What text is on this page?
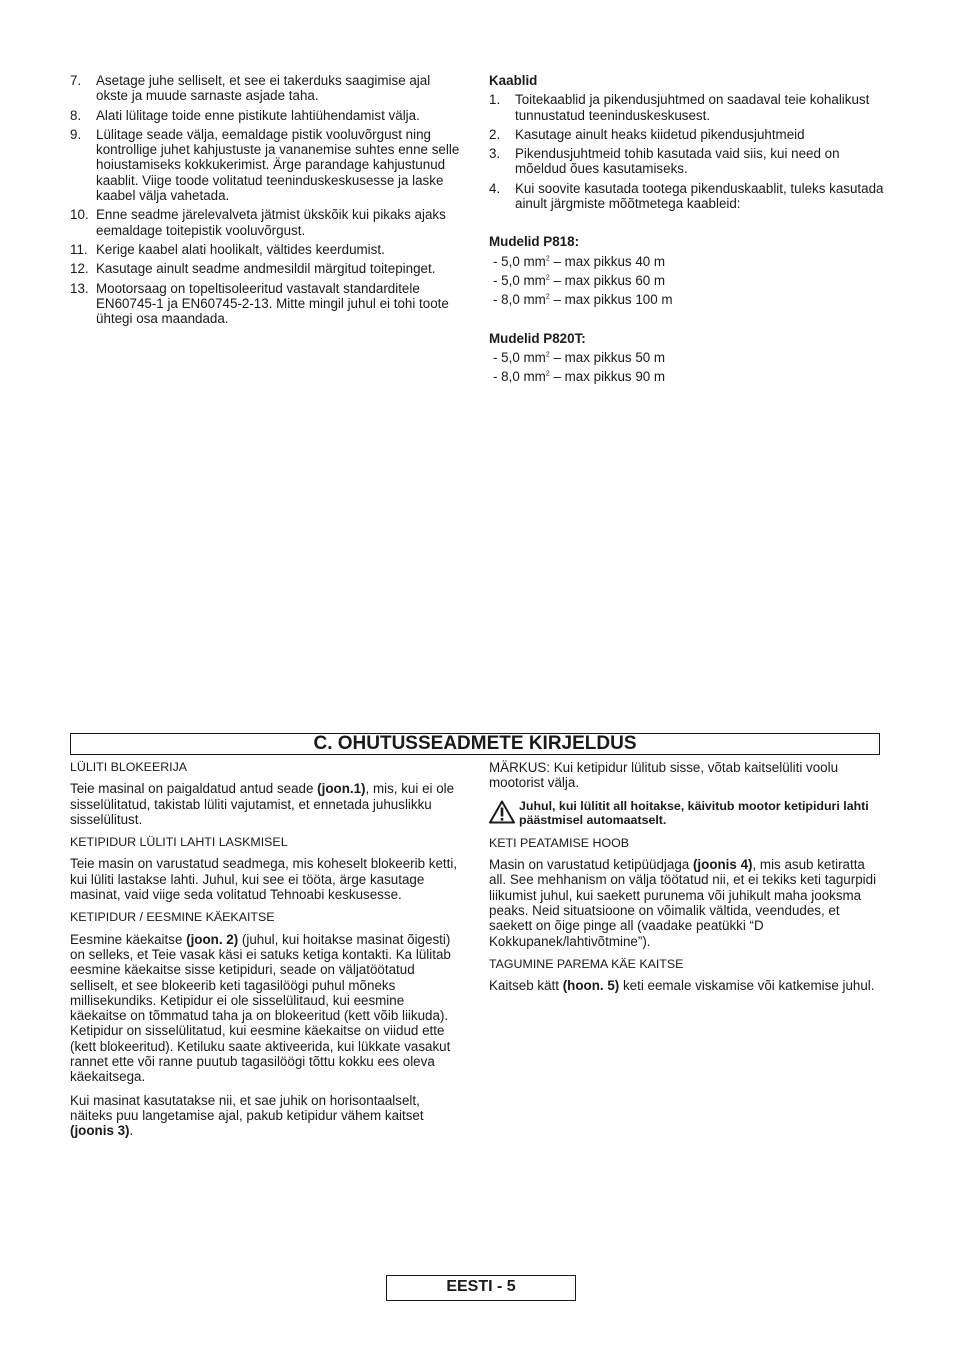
7. Asetage juhe selliselt, et see ei takerduks saagimise ajal okste ja muude sarnaste asjade taha.
8. Alati lülitage toide enne pistikute lahtiühendamist välja.
9. Lülitage seade välja, eemaldage pistik vooluvõrgust ning kontrollige juhet kahjustuste ja vananemise suhtes enne selle hoiustamiseks kokkukerimist. Ärge parandage kahjustunud kaablit. Viige toode volitatud teeninduskeskusesse ja laske kaabel välja vahetada.
10. Enne seadme järelevalveta jätmist ükskõik kui pikaks ajaks eemaldage toitepistik vooluvõrgust.
11. Kerige kaabel alati hoolikalt, vältides keerdumist.
12. Kasutage ainult seadme andmesildil märgitud toitepinget.
13. Mootorsaag on topeltisoleeritud vastavalt standarditele EN60745-1 ja EN60745-2-13. Mitte mingil juhul ei tohi toote ühtegi osa maandada.
Kaablid
1. Toitekaablid ja pikendusjuhtmed on saadaval teie kohalikust tunnustatud teeninduskeskusest.
2. Kasutage ainult heaks kiidetud pikendusjuhtmeid
3. Pikendusjuhtmeid tohib kasutada vaid siis, kui need on mõeldud õues kasutamiseks.
4. Kui soovite kasutada tootega pikenduskaablit, tuleks kasutada ainult järgmiste mõõtmetega kaableid:
Mudelid P818:
- 5,0 $mm^2$ – max pikkus 40 m
- 5,0 $mm^2$ – max pikkus 60 m
- 8,0 $mm^2$ – max pikkus 100 m
Mudelid P820T:
- 5,0 $mm^2$ – max pikkus 50 m
- 8,0 $mm^2$ – max pikkus 90 m
C. OHUTUSSEADMETE KIRJELDUS
LÜLITI BLOKEERIJA

Teie masinal on paigaldatud antud seade (joon.1), mis, kui ei ole sisselülitatud, takistab lüliti vajutamist, et ennetada juhuslikku sisselülitust.

KETIPIDUR LÜLITI LAHTI LASKMISEL

Teie masin on varustatud seadmega, mis koheselt blokeerib ketti, kui lüliti lastakse lahti. Juhul, kui see ei tööta, ärge kasutage masinat, vaid viige seda volitatud Tehnoabi keskusesse.

KETIPIDUR / EESMINE KÄEKAITSE

Eesmine käekaitse (joon. 2) (juhul, kui hoitakse masinat õigesti) on selleks, et Teie vasak käsi ei satuks ketiga kontakti. Ka lülitab eesmine käekaitse sisse ketipiduri, seade on väljatöötatud selliselt, et see blokeerib keti tagasilöögi puhul mõneks millisekundiks. Ketipidur ei ole sisselülitaud, kui eesmine käekaitse on tõmmatud taha ja on blokeeritud (kett võib liikuda). Ketipidur on sisselülitatud, kui eesmine käekaitse on viidud ette (kett blokeeritud). Ketiluku saate aktiveerida, kui lükkate vasakut rannet ette või ranne puutub tagasilöögi tõttu kokku ees oleva käekaitsega.

Kui masinat kasutatakse nii, et sae juhik on horisontaalselt, näiteks puu langetamise ajal, pakub ketipidur vähem kaitset (joonis 3).

MÄRKUS: Kui ketipidur lülitub sisse, võtab kaitselüliti voolu mootorist välja.

Juhul, kui lülitit all hoitakse, käivitub mootor ketipiduri lahti päästmisel automaatselt.
KETI PEATAMISE HOOB

Masin on varustatud ketipüüdjaga (joonis 4), mis asub ketiratta all. See mehhanism on välja töötatud nii, et ei tekiks keti tagurpidi liikumist juhul, kui saekett purunema või juhikult maha jooksma peaks. Neid situatsioone on võimalik vältida, veendudes, et saekett on õige pinge all (vaadake peatükki “D Kokkupanek/lahtivõtmine”).

TAGUMINE PAREMA KÄE KAITSE

Kaitseb kätt (hoon. 5) keti eemale viskamise või katkemise juhul.

EESTI - 5
